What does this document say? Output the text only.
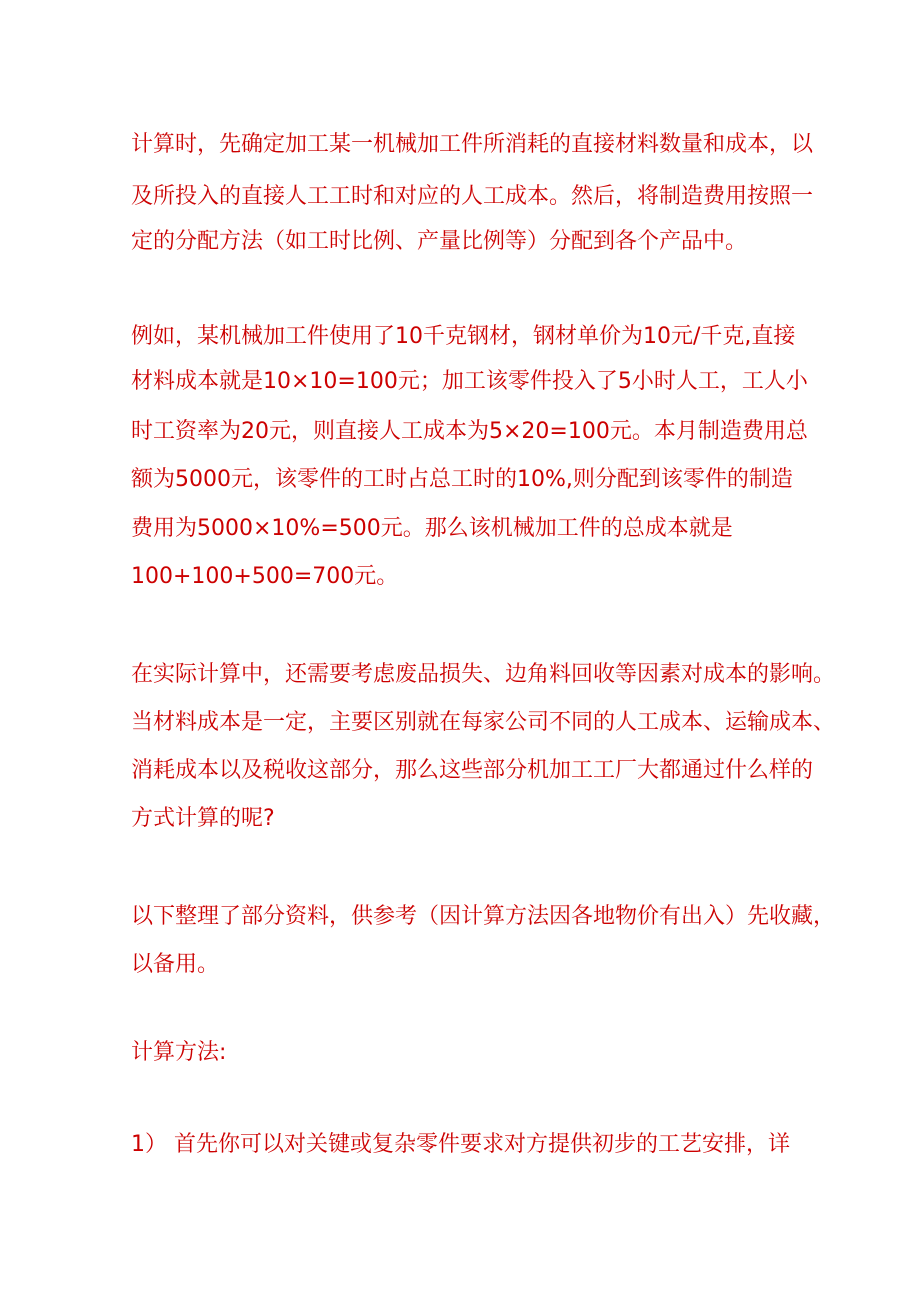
计算时，先确定加工某一机械加工件所消耗的直接材料数量和成本，以
及所投入的直接人工工时和对应的人工成本。然后，将制造费用按照一
定的分配方法（如工时比例、产量比例等）分配到各个产品中。
例如，某机械加工件使用了10千克钢材，钢材单价为10元/千克,直接
材料成本就是10×10=100元；加工该零件投入了5小时人工，工人小
时工资率为20元，则直接人工成本为5×20=100元。本月制造费用总
额为5000元，该零件的工时占总工时的10%,则分配到该零件的制造
费用为5000×10%=500元。那么该机械加工件的总成本就是
100+100+500=700元。
在实际计算中，还需要考虑废品损失、边角料回收等因素对成本的影响。
当材料成本是一定，主要区别就在每家公司不同的人工成本、运输成本、
消耗成本以及税收这部分，那么这些部分机加工工厂大都通过什么样的
方式计算的呢?
以下整理了部分资料，供参考（因计算方法因各地物价有出入）先收藏，
以备用。
计算方法:
1） 首先你可以对关键或复杂零件要求对方提供初步的工艺安排，详
